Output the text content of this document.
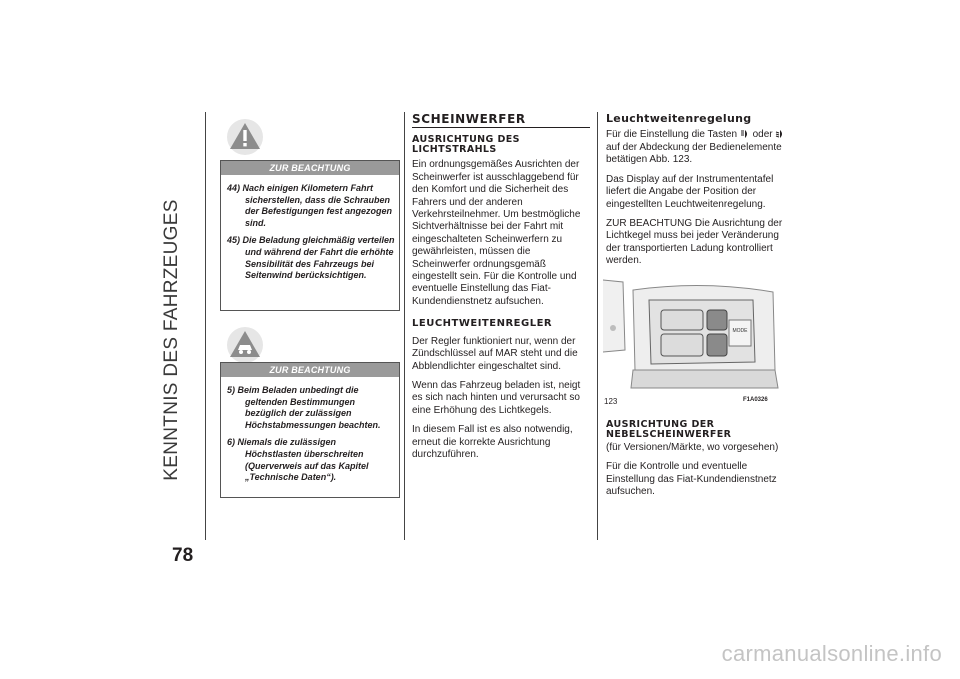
KENNTNIS DES FAHRZEUGES
78
ZUR BEACHTUNG
44) Nach einigen Kilometern Fahrt sicherstellen, dass die Schrauben der Befestigungen fest angezogen sind.
45) Die Beladung gleichmäßig verteilen und während der Fahrt die erhöhte Sensibilität des Fahrzeugs bei Seitenwind berücksichtigen.
ZUR BEACHTUNG
5) Beim Beladen unbedingt die geltenden Bestimmungen bezüglich der zulässigen Höchstabmessungen beachten.
6) Niemals die zulässigen Höchstlasten überschreiten (Querverweis auf das Kapitel „Technische Daten“).
SCHEINWERFER
AUSRICHTUNG DES LICHTSTRAHLS

Ein ordnungsgemäßes Ausrichten der Scheinwerfer ist ausschlaggebend für den Komfort und die Sicherheit des Fahrers und der anderen Verkehrsteilnehmer. Um bestmögliche Sichtverhältnisse bei der Fahrt mit eingeschalteten Scheinwerfern zu gewährleisten, müssen die Scheinwerfer ordnungsgemäß eingestellt sein. Für die Kontrolle und eventuelle Einstellung das Fiat-Kundendienstnetz aufsuchen.

LEUCHTWEITENREGLER

Der Regler funktioniert nur, wenn der Zündschlüssel auf MAR steht und die Abblendlichter eingeschaltet sind.

Wenn das Fahrzeug beladen ist, neigt es sich nach hinten und verursacht so eine Erhöhung des Lichtkegels.

In diesem Fall ist es also notwendig, erneut die korrekte Ausrichtung durchzuführen.

Leuchtweitenregelung

Für die Einstellung die Tasten oder  auf der Abdeckung der Bedienelemente betätigen Abb. 123.

Das Display auf der Instrumententafel liefert die Angabe der Position der eingestellten Leuchtweitenregelung.

ZUR BEACHTUNG Die Ausrichtung der Lichtkegel muss bei jeder Veränderung der transportierten Ladung kontrolliert werden.

MODE
123	F1A0326
AUSRICHTUNG DER NEBELSCHEINWERFER

(für Versionen/Märkte, wo vorgesehen)

Für die Kontrolle und eventuelle Einstellung das Fiat-Kundendienstnetz aufsuchen.

carmanualsonline.info
